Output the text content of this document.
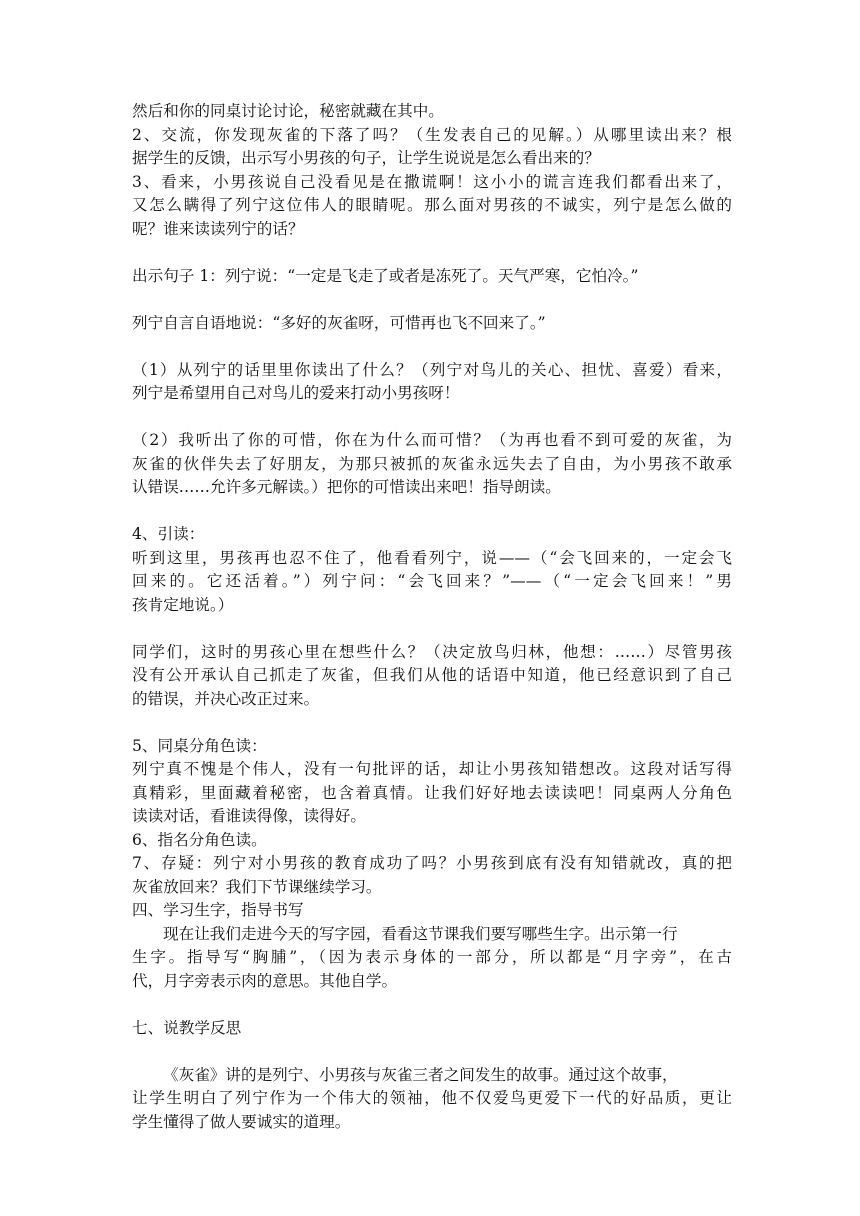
然后和你的同桌讨论讨论，秘密就藏在其中。
2、交流，你发现灰雀的下落了吗？（生发表自己的见解。）从哪里读出来？根
据学生的反馈，出示写小男孩的句子，让学生说说是怎么看出来的？
3、看来，小男孩说自己没看见是在撒谎啊！这小小的谎言连我们都看出来了，
又怎么瞒得了列宁这位伟人的眼睛呢。那么面对男孩的不诚实，列宁是怎么做的
呢？谁来读读列宁的话？
出示句子 1：列宁说：“一定是飞走了或者是冻死了。天气严寒，它怕冷。”
列宁自言自语地说：“多好的灰雀呀，可惜再也飞不回来了。”
（1）从列宁的话里里你读出了什么？（列宁对鸟儿的关心、担忧、喜爱）看来，
列宁是希望用自己对鸟儿的爱来打动小男孩呀！
（2）我听出了你的可惜，你在为什么而可惜？（为再也看不到可爱的灰雀，为
灰雀的伙伴失去了好朋友，为那只被抓的灰雀永远失去了自由，为小男孩不敢承
认错误……允许多元解读。）把你的可惜读出来吧！指导朗读。
4、引读：
听到这里，男孩再也忍不住了，他看看列宁，说——（“会飞回来的，一定会飞
回来的。它还活着。”）列宁问：“会飞回来？”——（“一定会飞回来！”男
孩肯定地说。）
同学们，这时的男孩心里在想些什么？（决定放鸟归林，他想：……）尽管男孩
没有公开承认自己抓走了灰雀，但我们从他的话语中知道，他已经意识到了自己
的错误，并决心改正过来。
5、同桌分角色读：
列宁真不愧是个伟人，没有一句批评的话，却让小男孩知错想改。这段对话写得
真精彩，里面藏着秘密，也含着真情。让我们好好地去读读吧！同桌两人分角色
读读对话，看谁读得像，读得好。
6、指名分角色读。
7、存疑：列宁对小男孩的教育成功了吗？小男孩到底有没有知错就改，真的把
灰雀放回来？我们下节课继续学习。
四、学习生字，指导书写
现在让我们走进今天的写字园，看看这节课我们要写哪些生字。出示第一行
生字。指导写“胸脯”，（因为表示身体的一部分，所以都是“月字旁”，在古
代，月字旁表示肉的意思。其他自学。
七、说教学反思
《灰雀》讲的是列宁、小男孩与灰雀三者之间发生的故事。通过这个故事，
让学生明白了列宁作为一个伟大的领袖，他不仅爱鸟更爱下一代的好品质，更让
学生懂得了做人要诚实的道理。
